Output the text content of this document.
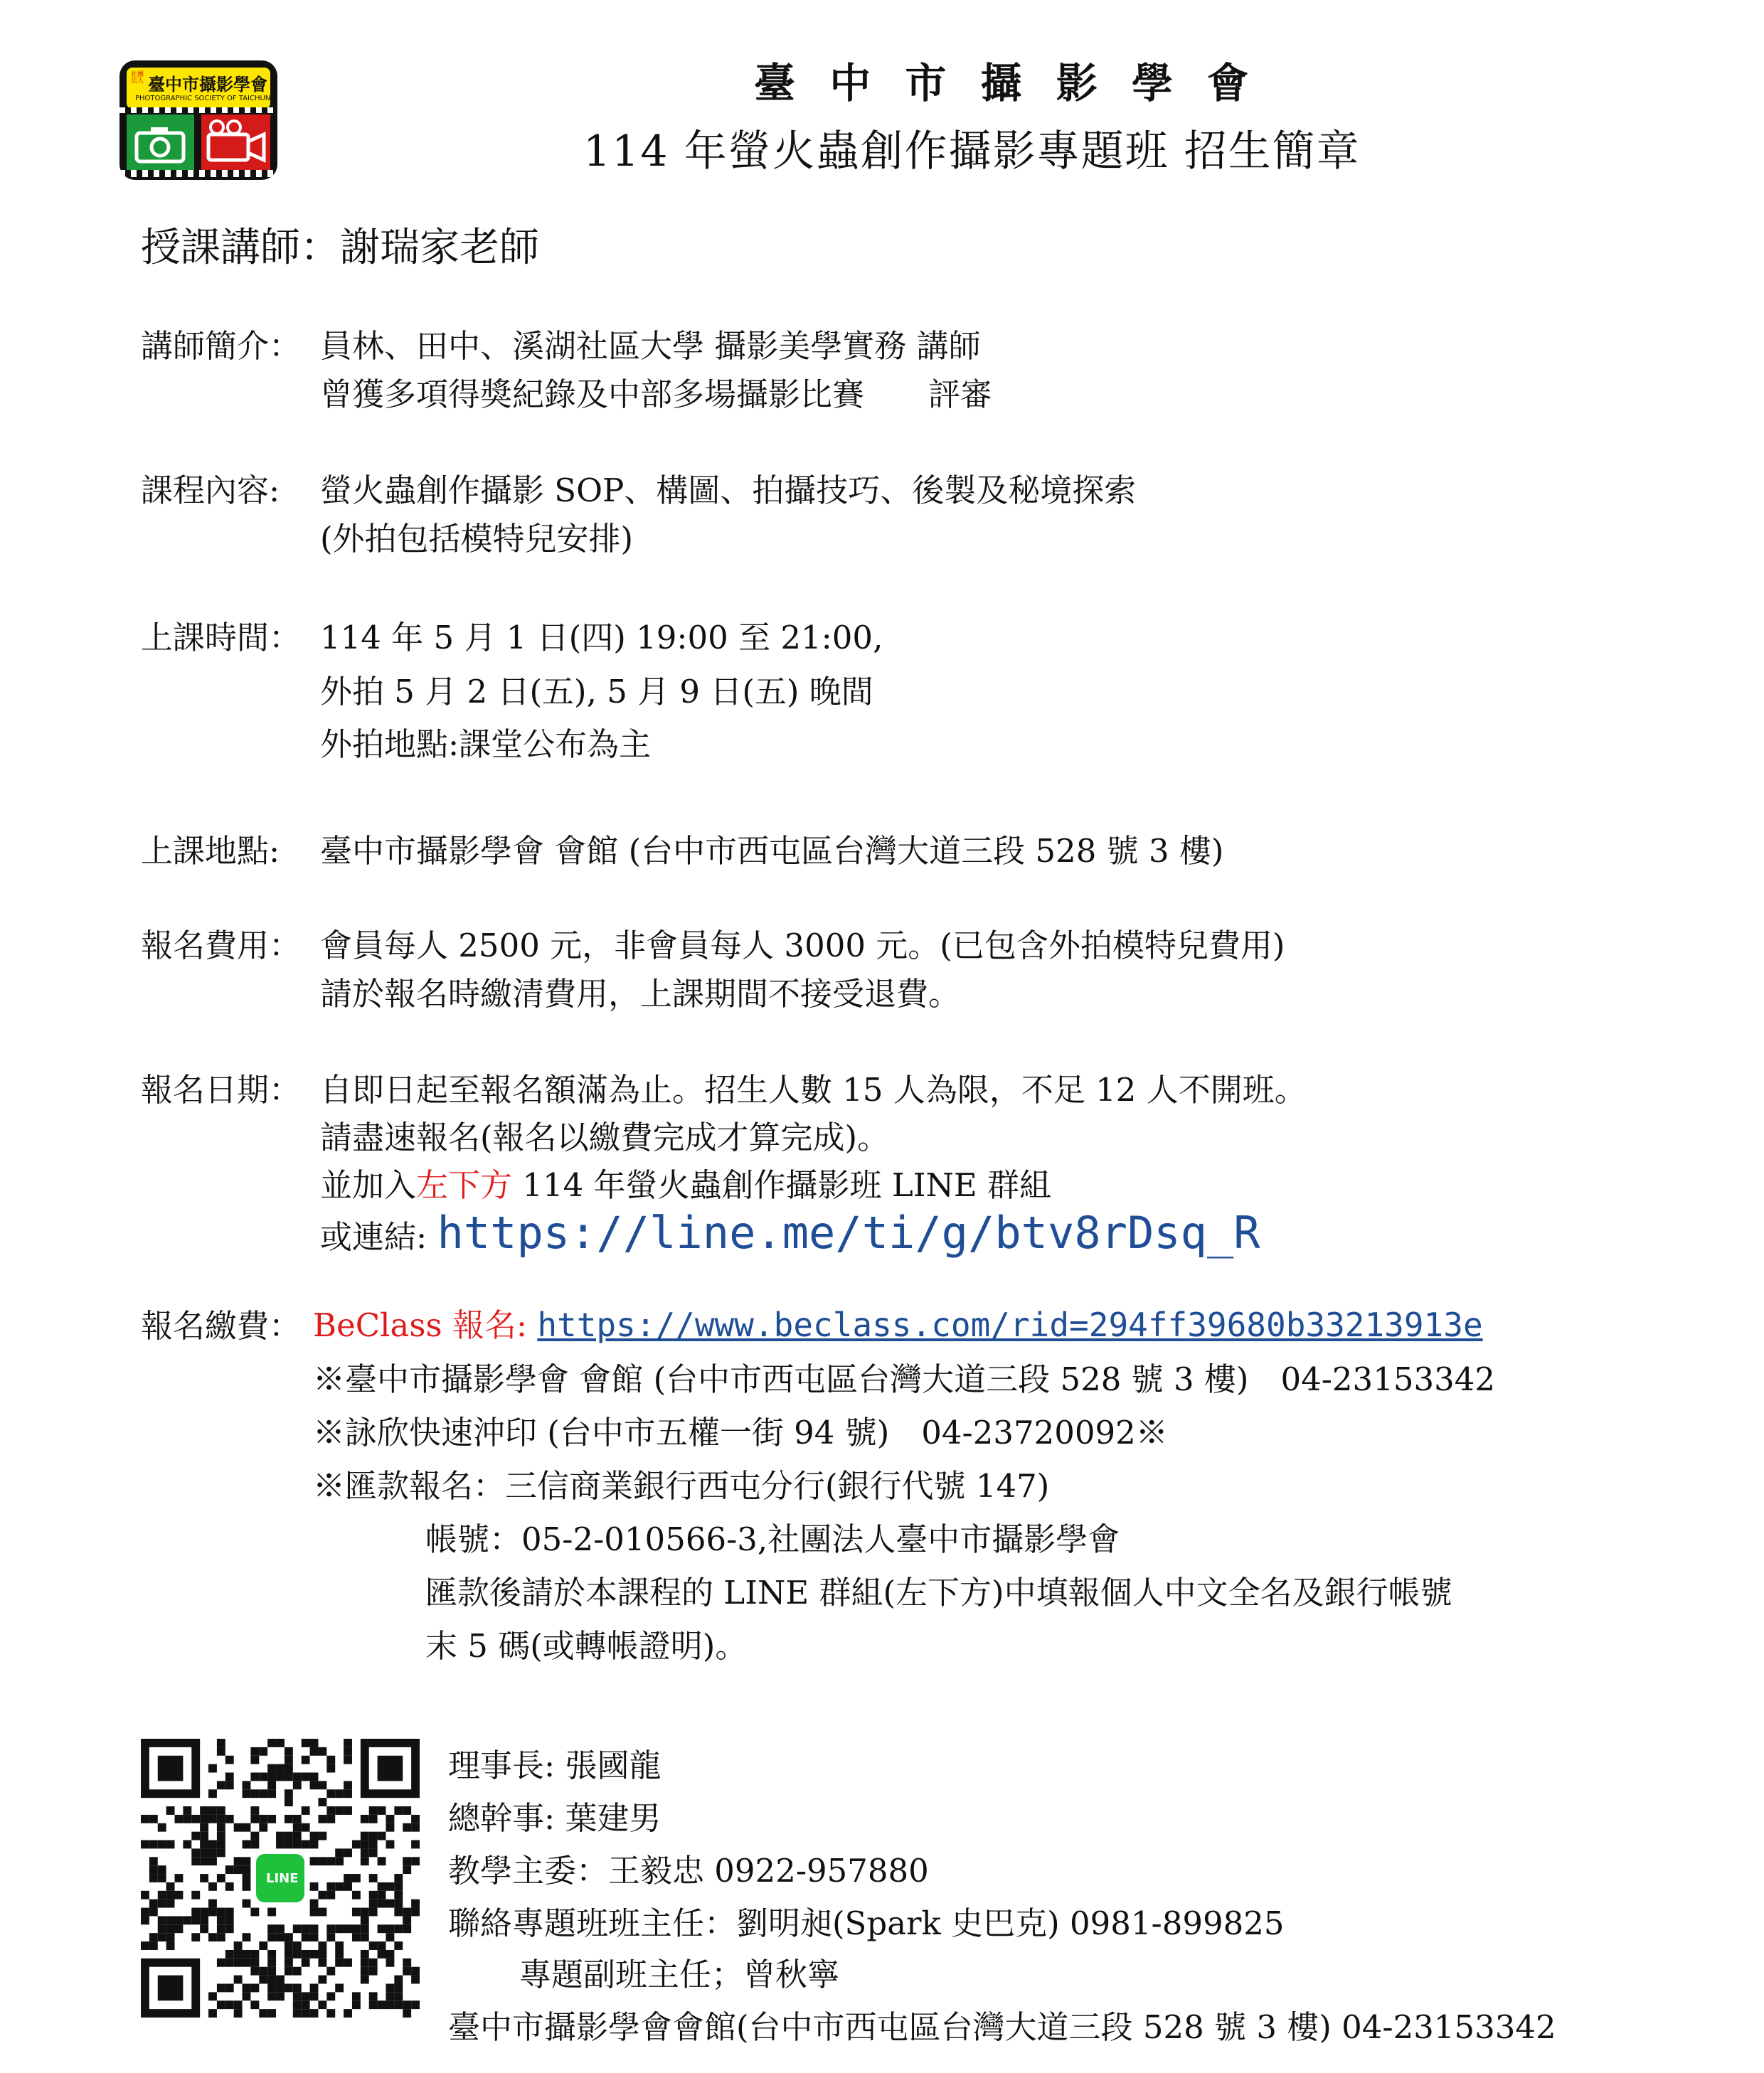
社團法人 臺中市攝影學會
PHOTOGRAPHIC SOCIETY OF TAICHUNG	臺 中 市 攝 影 學 會
114 年螢火蟲創作攝影專題班 招生簡章
授課講師：謝瑞家老師
講師簡介： 員林、田中、溪湖社區大學 攝影美學實務 講師
曾獲多項得獎紀錄及中部多場攝影比賽　　評審
課程內容: 螢火蟲創作攝影 SOP、構圖、拍攝技巧、後製及秘境探索
(外拍包括模特兒安排)
上課時間： 114 年 5 月 1 日(四) 19:00 至 21:00,
外拍 5 月 2 日(五), 5 月 9 日(五) 晚間
外拍地點:課堂公布為主
上課地點: 臺中市攝影學會 會館 (台中市西屯區台灣大道三段 528 號 3 樓)
報名費用： 會員每人 2500 元，非會員每人 3000 元。(已包含外拍模特兒費用)
請於報名時繳清費用，上課期間不接受退費。
報名日期： 自即日起至報名額滿為止。招生人數 15 人為限，不足 12 人不開班。
請盡速報名(報名以繳費完成才算完成)。
並加入左下方 114 年螢火蟲創作攝影班 LINE 群組
或連結: https://line.me/ti/g/btv8rDsq_R
報名繳費： BeClass 報名: https://www.beclass.com/rid=294ff39680b33213913e
※臺中市攝影學會 會館 (台中市西屯區台灣大道三段 528 號 3 樓)　04-23153342
※詠欣快速沖印 (台中市五權一街 94 號)　04-23720092※
※匯款報名：三信商業銀行西屯分行(銀行代號 147)
帳號：05-2-010566-3,社團法人臺中市攝影學會
匯款後請於本課程的 LINE 群組(左下方)中填報個人中文全名及銀行帳號
末 5 碼(或轉帳證明)。
LINE
理事長: 張國龍
總幹事: 葉建男
教學主委：王毅忠 0922-957880
聯絡專題班班主任：劉明昶(Spark 史巴克) 0981-899825
專題副班主任；曾秋寧
臺中市攝影學會會館(台中市西屯區台灣大道三段 528 號 3 樓) 04-23153342
